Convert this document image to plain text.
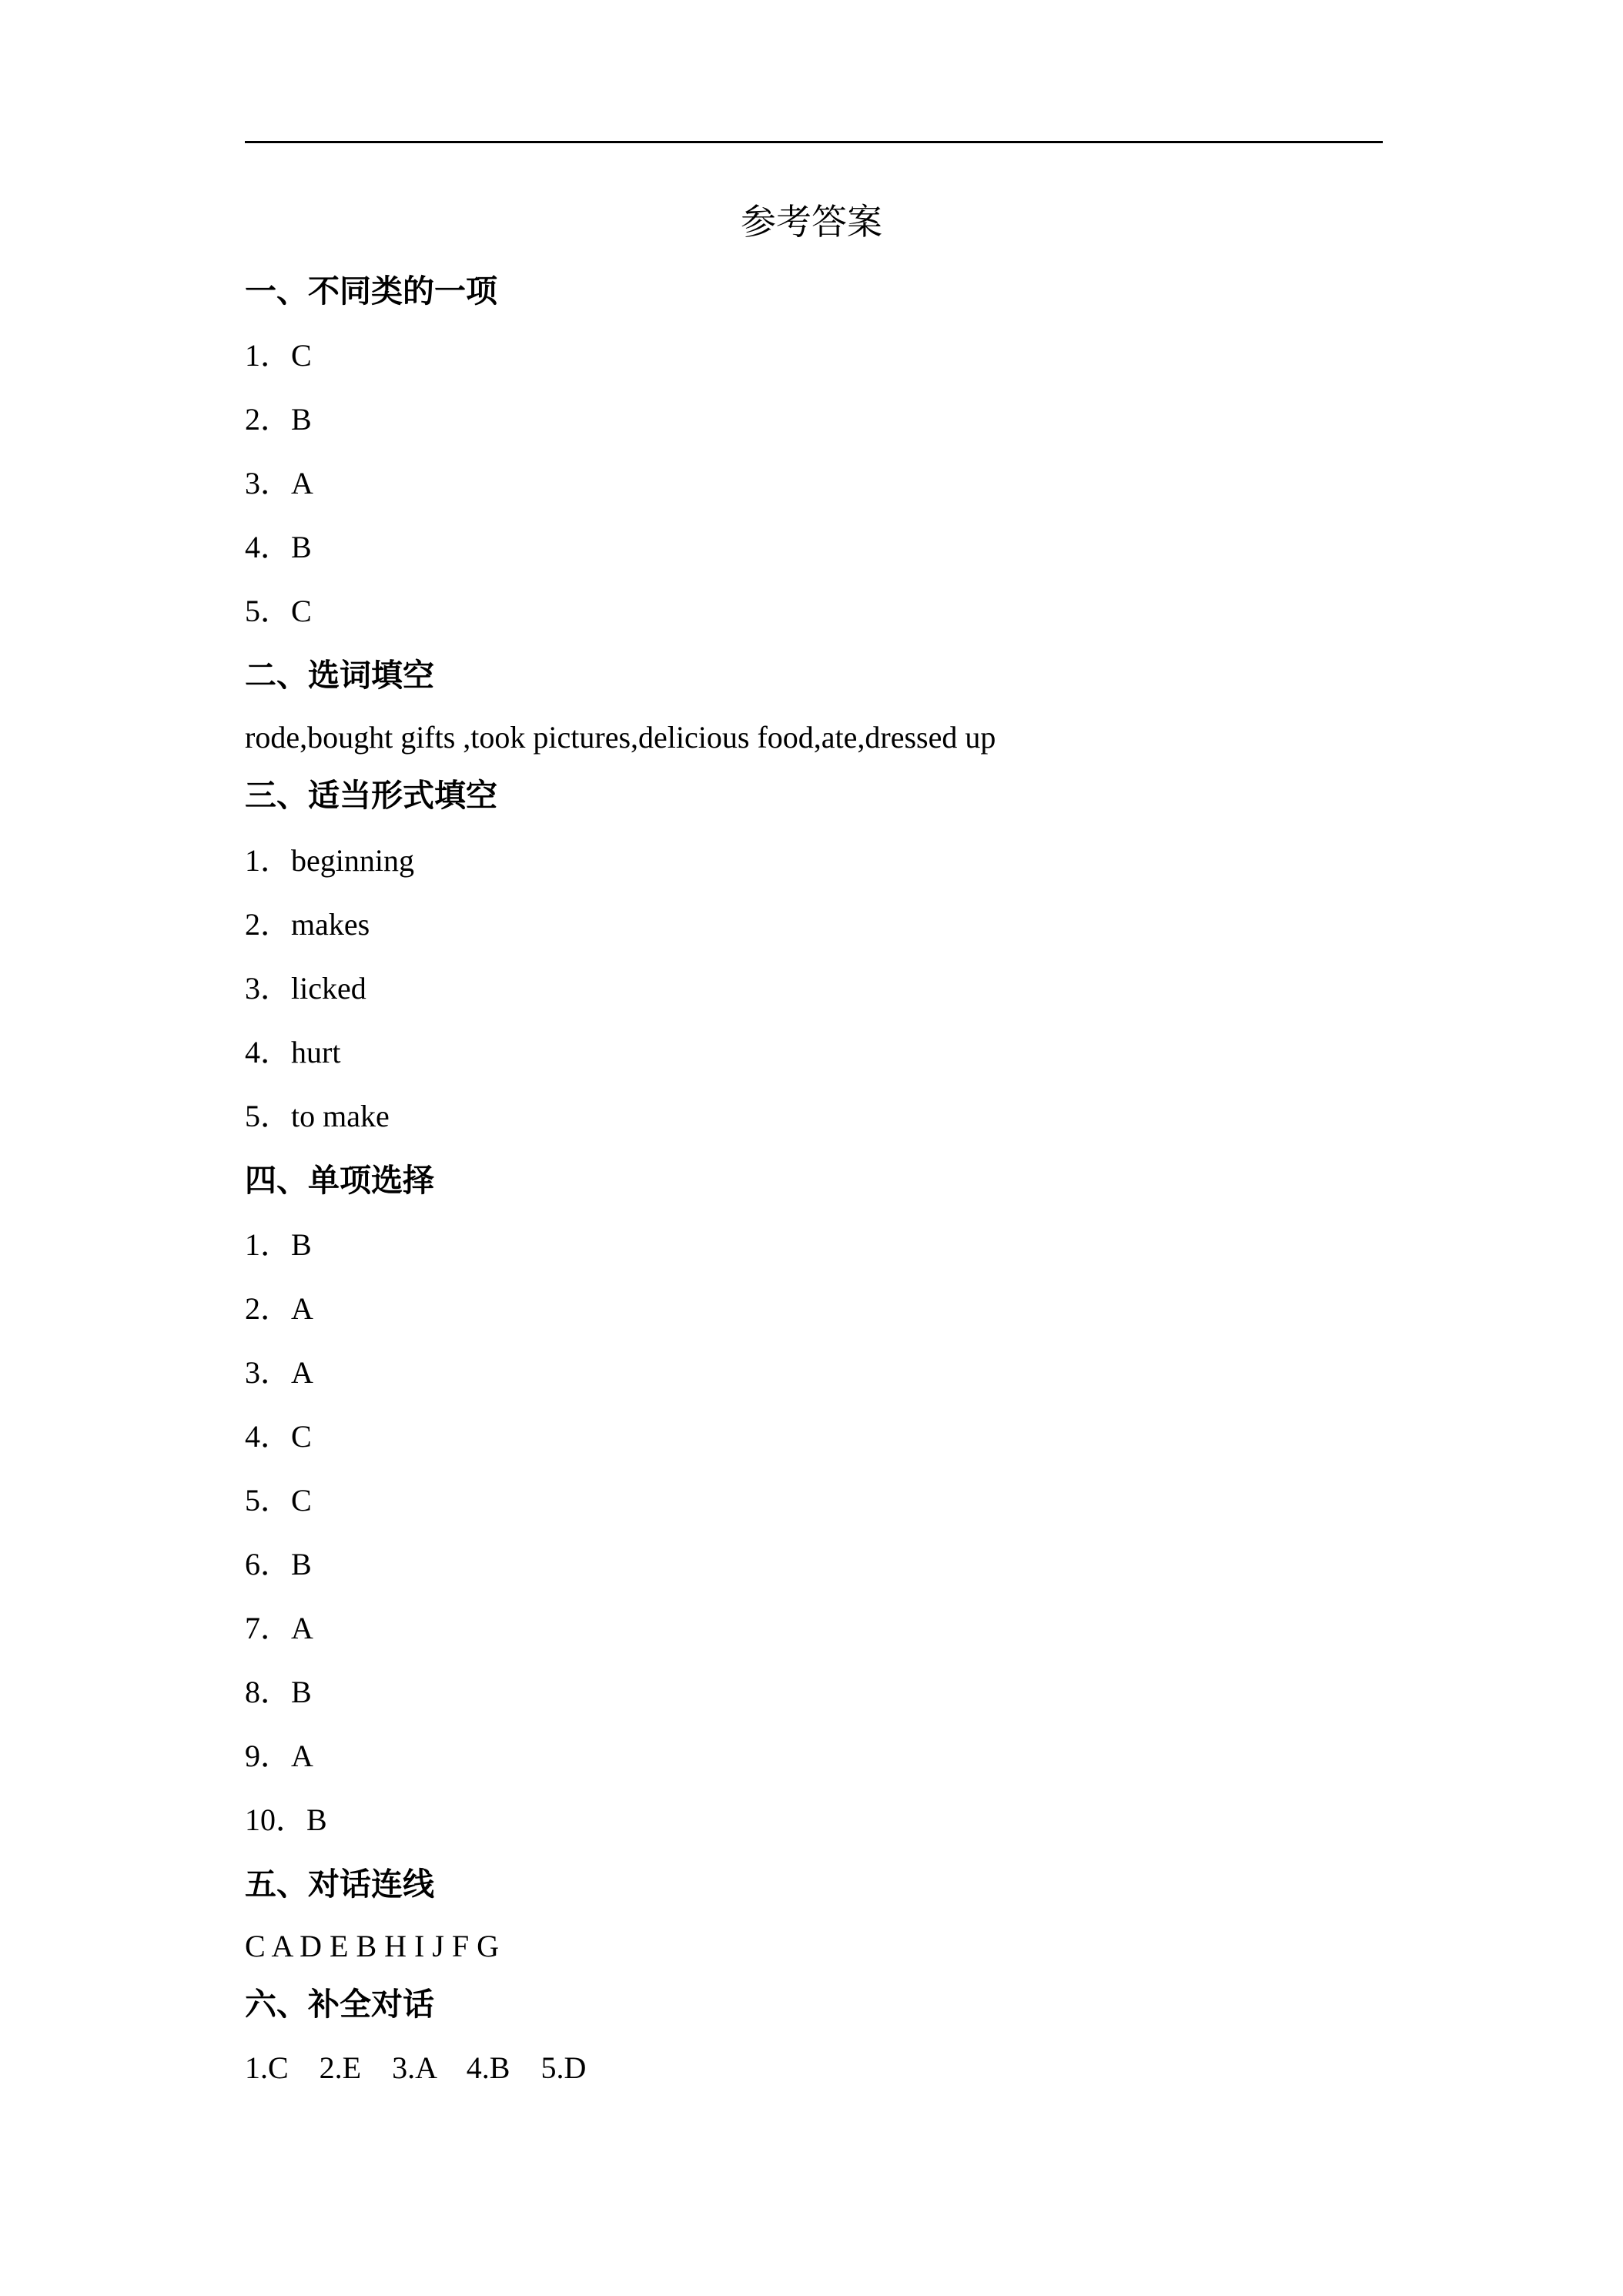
参考答案
一、不同类的一项
1．C
2．B
3．A
4．B
5．C
二、选词填空
rode,bought gifts ,took pictures,delicious food,ate,dressed up
三、适当形式填空
1．beginning
2．makes
3．licked
4．hurt
5．to make
四、单项选择
1．B
2．A
3．A
4．C
5．C
6．B
7．A
8．B
9．A
10．B
五、对话连线
C A D E B H I J F G
六、补全对话
1.C    2.E    3.A    4.B    5.D
